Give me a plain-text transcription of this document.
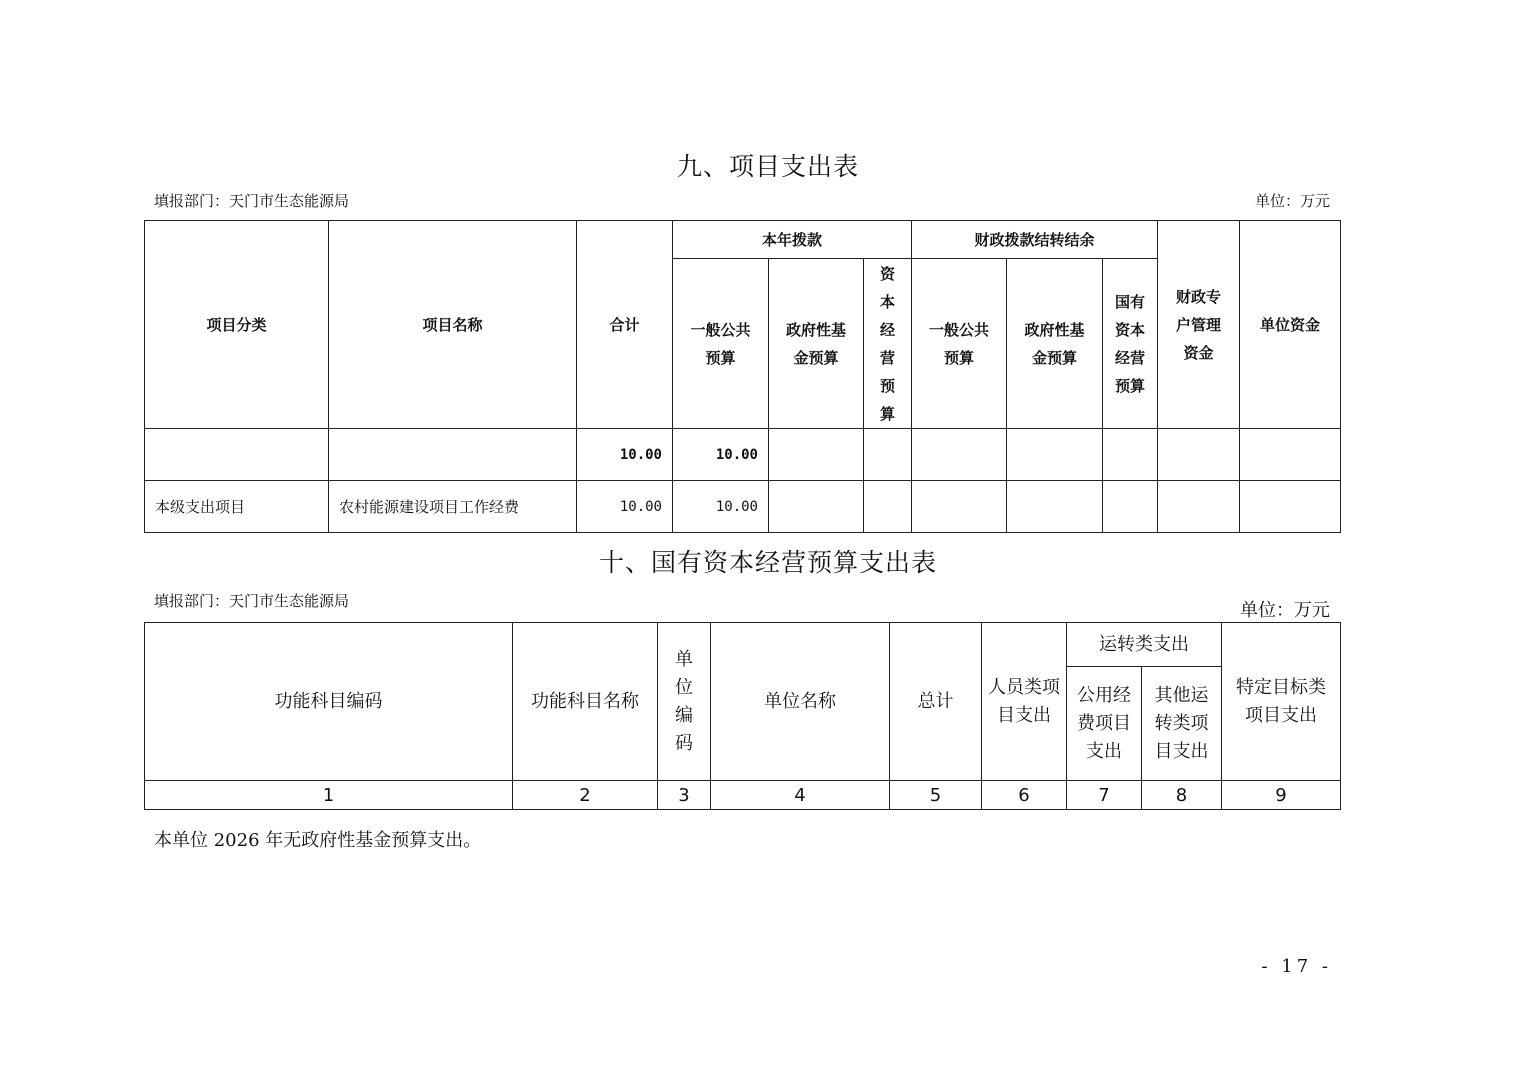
九、项目支出表
填报部门：天门市生态能源局	单位：万元
项目分类	项目名称	合计	本年拨款			财政拨款结转结余			财政专户管理资金	单位资金
			一般公共预算	政府性基金预算	资本经营预算	一般公共预算	政府性基金预算	国有资本经营预算		
		10.00	10.00							
本级支出项目	农村能源建设项目工作经费	10.00	10.00							
十、国有资本经营预算支出表
填报部门：天门市生态能源局	单位：万元
功能科目编码	功能科目名称	单位编码	单位名称	总计	人员类项目支出	运转类支出		特定目标类项目支出
						公用经费项目支出	其他运转类项目支出	
1	2	3	4	5	6	7	8	9
本单位 2026 年无政府性基金预算支出。
- 17 -
